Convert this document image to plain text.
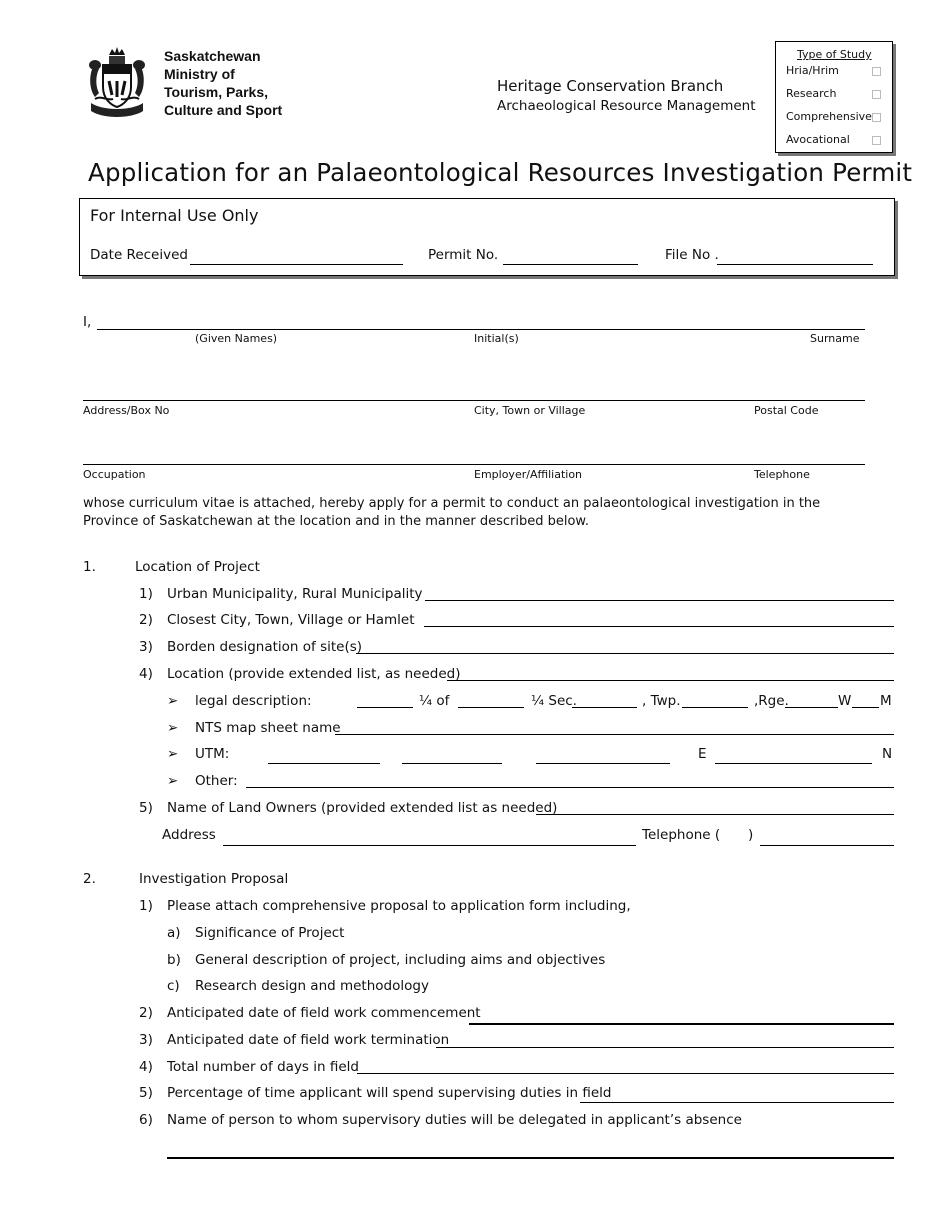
Saskatchewan
Ministry of
Tourism, Parks,
Culture and Sport
Heritage Conservation Branch
Archaeological Resource Management
Type of Study
Hria/Hrim
Research
Comprehensive
Avocational
Application for an Palaeontological Resources Investigation Permit
For Internal Use Only
Date Received	Permit No.	File No .
I,
(Given Names)	Initial(s)	Surname
Address/Box No	City, Town or Village	Postal Code
Occupation	Employer/Affiliation	Telephone
whose curriculum vitae is attached, hereby apply for a permit to conduct an palaeontological investigation in the
Province of Saskatchewan at the location and in the manner described below.
1.	Location of Project
1) Urban Municipality, Rural Municipality
2) Closest City, Town, Village or Hamlet
3) Borden designation of site(s)
4) Location (provide extended list, as needed)
➢ legal description:	¼ of	¼ Sec.	, Twp.	,Rge.	W M
➢ NTS map sheet name
➢ UTM:	E	N
➢ Other:
5) Name of Land Owners (provided extended list as needed)
Address	Telephone ( )
2.	Investigation Proposal
1) Please attach comprehensive proposal to application form including,
a) Significance of Project
b) General description of project, including aims and objectives
c) Research design and methodology
2) Anticipated date of field work commencement
3) Anticipated date of field work termination
4) Total number of days in field
5) Percentage of time applicant will spend supervising duties in field
6) Name of person to whom supervisory duties will be delegated in applicant’s absence
